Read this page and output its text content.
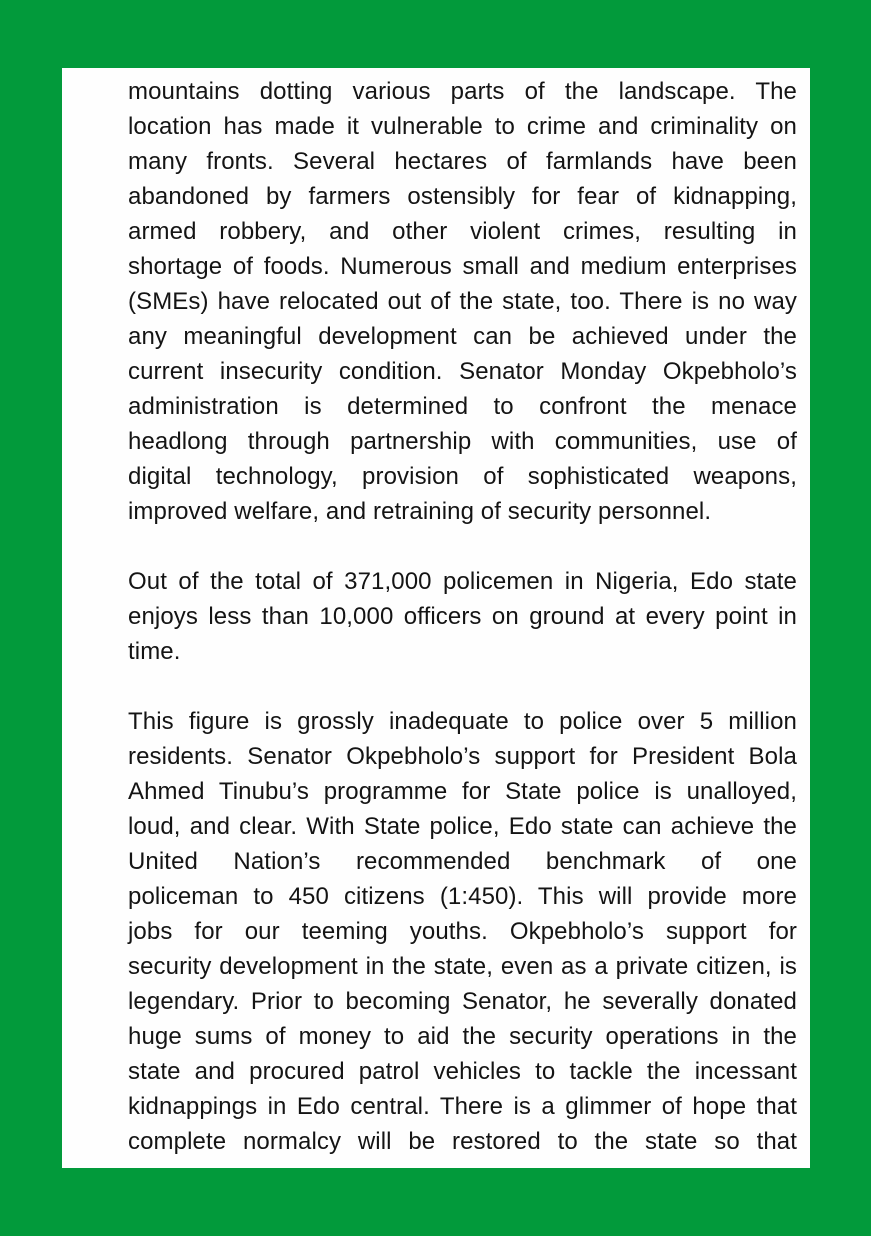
mountains dotting various parts of the landscape. The
location has made it vulnerable to crime and criminality on
many fronts. Several hectares of farmlands have been
abandoned by farmers ostensibly for fear of kidnapping,
armed robbery, and other violent crimes, resulting in
shortage of foods. Numerous small and medium enterprises
(SMEs) have relocated out of the state, too. There is no way
any meaningful development can be achieved under the
current insecurity condition. Senator Monday Okpebholo’s
administration is determined to confront the menace
headlong through partnership with communities, use of
digital technology, provision of sophisticated weapons,
improved welfare, and retraining of security personnel.
Out of the total of 371,000 policemen in Nigeria, Edo state
enjoys less than 10,000 officers on ground at every point in
time.
This figure is grossly inadequate to police over 5 million
residents. Senator Okpebholo’s support for President Bola
Ahmed Tinubu’s programme for State police is unalloyed,
loud, and clear. With State police, Edo state can achieve the
United Nation’s recommended benchmark of one
policeman to 450 citizens (1:450). This will provide more
jobs for our teeming youths. Okpebholo’s support for
security development in the state, even as a private citizen, is
legendary. Prior to becoming Senator, he severally donated
huge sums of money to aid the security operations in the
state and procured patrol vehicles to tackle the incessant
kidnappings in Edo central. There is a glimmer of hope that
complete normalcy will be restored to the state so that
